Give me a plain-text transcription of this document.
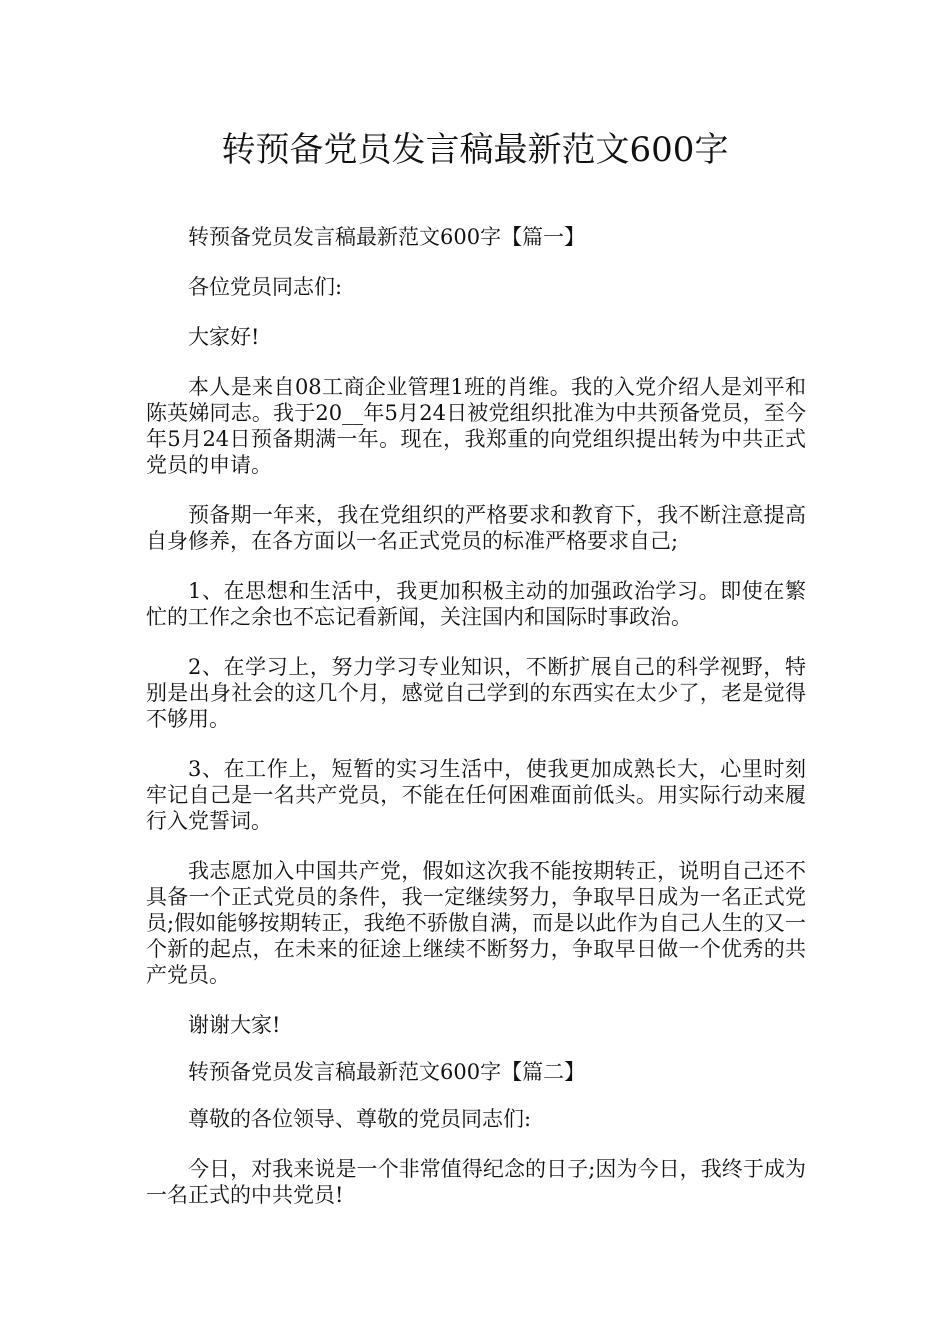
转预备党员发言稿最新范文600字

转预备党员发言稿最新范文600字【篇一】

各位党员同志们:

大家好!

本人是来自08工商企业管理1班的肖维。我的入党介绍人是刘平和陈英娣同志。我于20__年5月24日被党组织批准为中共预备党员，至今年5月24日预备期满一年。现在，我郑重的向党组织提出转为中共正式党员的申请。

预备期一年来，我在党组织的严格要求和教育下，我不断注意提高自身修养，在各方面以一名正式党员的标准严格要求自己;

1、在思想和生活中，我更加积极主动的加强政治学习。即使在繁忙的工作之余也不忘记看新闻，关注国内和国际时事政治。

2、在学习上，努力学习专业知识，不断扩展自己的科学视野，特别是出身社会的这几个月，感觉自己学到的东西实在太少了，老是觉得不够用。

3、在工作上，短暂的实习生活中，使我更加成熟长大，心里时刻牢记自己是一名共产党员，不能在任何困难面前低头。用实际行动来履行入党誓词。

我志愿加入中国共产党，假如这次我不能按期转正，说明自己还不具备一个正式党员的条件，我一定继续努力，争取早日成为一名正式党员;假如能够按期转正，我绝不骄傲自满，而是以此作为自己人生的又一个新的起点，在未来的征途上继续不断努力，争取早日做一个优秀的共产党员。

谢谢大家!

转预备党员发言稿最新范文600字【篇二】

尊敬的各位领导、尊敬的党员同志们:

今日，对我来说是一个非常值得纪念的日子;因为今日，我终于成为一名正式的中共党员!
